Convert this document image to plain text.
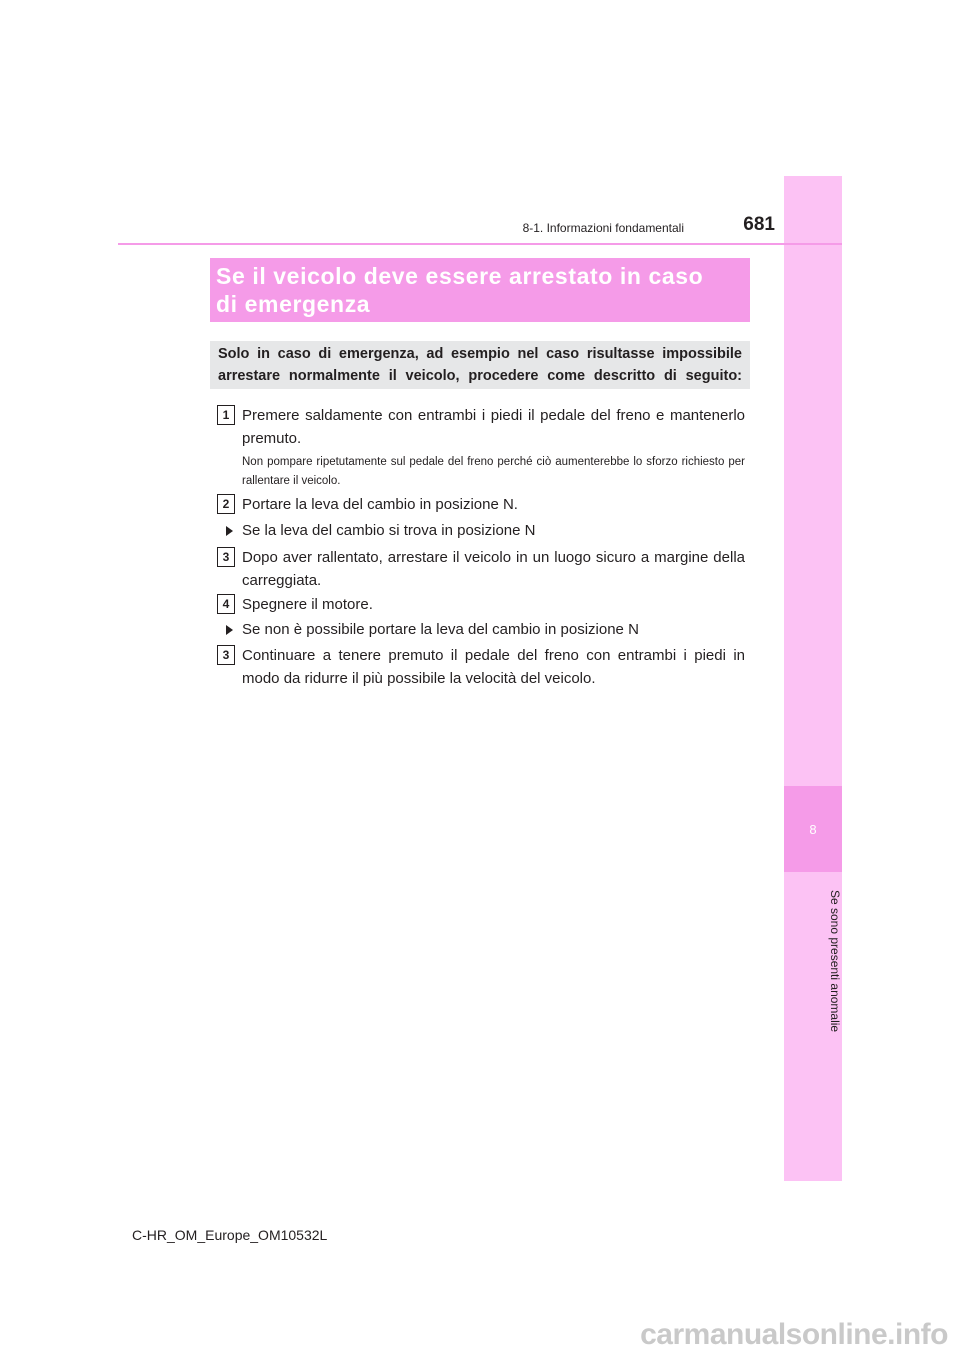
8
Se sono presenti anomalie
8-1. Informazioni fondamentali	681
Se il veicolo deve essere arrestato in caso
di emergenza
Solo in caso di emergenza, ad esempio nel caso risultasse impossibile
arrestare normalmente il veicolo, procedere come descritto di seguito:
1 Premere saldamente con entrambi i piedi il pedale del freno e mantenerlo premuto.
Non pompare ripetutamente sul pedale del freno perché ciò aumenterebbe lo sforzo richiesto per rallentare il veicolo.
2 Portare la leva del cambio in posizione N.
Se la leva del cambio si trova in posizione N
3 Dopo aver rallentato, arrestare il veicolo in un luogo sicuro a margine della carreggiata.
4 Spegnere il motore.
Se non è possibile portare la leva del cambio in posizione N
3 Continuare a tenere premuto il pedale del freno con entrambi i piedi in modo da ridurre il più possibile la velocità del veicolo.
C-HR_OM_Europe_OM10532L
carmanualsonline.info
